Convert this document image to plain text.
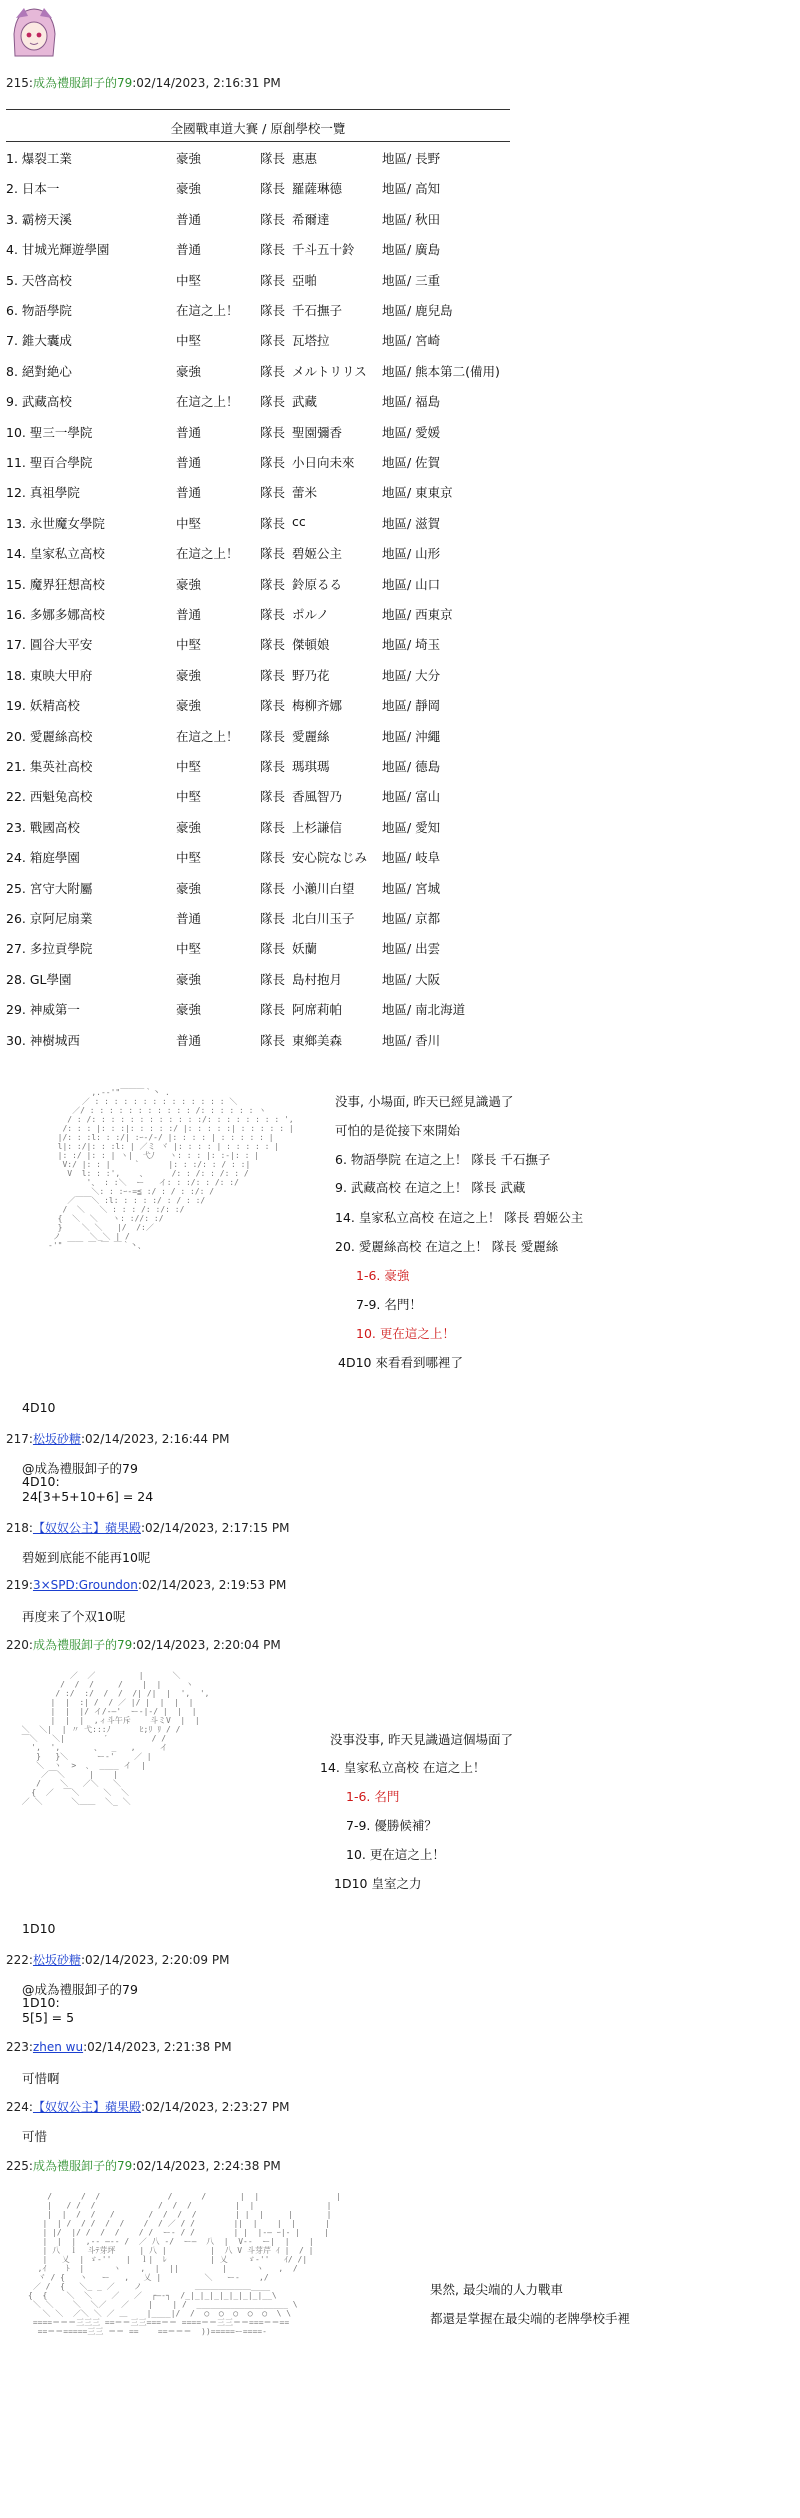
215:成為禮服卸子的79:02/14/2023, 2:16:31 PM
全國戰車道大賽 / 原創學校一覽
1. 爆裂工業	豪強	隊長 惠惠	地區/ 長野
2. 日本一	豪強	隊長 羅薩琳德	地區/ 高知
3. 霸榜天溪	普通	隊長 希爾達	地區/ 秋田
4. 甘城光輝遊學園	普通	隊長 千斗五十鈴 地區/ 廣島
5. 天啓高校	中堅	隊長 亞啪	地區/ 三重
6. 物語學院	在這之上！ 隊長 千石撫子	地區/ 鹿兒島
7. 錐大囊成	中堅	隊長 瓦塔拉	地區/ 宮崎
8. 絕對絶心	豪強	隊長 メルトリリス 地區/ 熊本第二(備用)
9. 武藏高校	在這之上！ 隊長 武藏	地區/ 福島
10. 聖三一學院	普通	隊長 聖園彌香	地區/ 愛媛
11. 聖百合學院	普通	隊長 小日向未來 地區/ 佐賀
12. 真祖學院	普通	隊長 蕾米	地區/ 東東京
13. 永世魔女學院	中堅	隊長 cc	地區/ 滋賀
14. 皇家私立高校	在這之上！ 隊長 碧姬公主	地區/ 山形
15. 魔界狂想高校	豪強	隊長 鈴原るる	地區/ 山口
16. 多娜多娜高校	普通	隊長 ポルノ	地區/ 西東京
17. 圓谷大平安	中堅	隊長 傑頓娘	地區/ 埼玉
18. 東映大甲府	豪強	隊長 野乃花	地區/ 大分
19. 妖精高校	豪強	隊長 梅柳齐娜	地區/ 靜岡
20. 愛麗絲高校	在這之上！ 隊長 愛麗絲	地區/ 沖繩
21. 集英社高校	中堅	隊長 瑪琪瑪	地區/ 德島
22. 西魁兔高校	中堅	隊長 香風智乃	地區/ 富山
23. 戰國高校	豪強	隊長 上杉謙信	地區/ 愛知
24. 箱庭學園	中堅	隊長 安心院なじみ 地區/ 岐阜
25. 宮守大附屬	豪強	隊長 小瀨川白望 地區/ 宮城
26. 京阿尼扇業	普通	隊長 北白川玉子 地區/ 京都
27. 多拉貢學院	中堅	隊長 妖蘭	地區/ 出雲
28. GL學園	豪強	隊長 島村抱月	地區/ 大阪
29. 神威第一	豪強	隊長 阿席莉帕	地區/ 南北海道
30. 神樹城西	普通	隊長 東鄉美森	地區/ 香川

,.-‐'"￣￣￣｀丶 .
／ : : : : : : : : : : : : : : ＼
／/ : : : : : : : : : : : /: : : : : : ヽ
/ : /: : : : : : : : : : : :/: : : : : : : : ',
/: : : |: : :|: : : : :/ |: : : : :| : : : : : |
|/: : :l: : :/| :ｰ-/-/ |: : : : | : : : : : |
l|: :/|: : :l: | ／ミ ヾ |: : : : | : : : : : |
|: :/ |: : | ヽ|  弋ﾉ   ヽ: : : |: :-|: : |
V:/ |: : |     `      |: : :/: : / : :|
V  l: : :',    、     /: : /: : /: : /
'、 : :＼  ー   イ: : :/: : /: :/
＼: : :ｰ-=≦ :/ : / : :/: /
／￣￣＼ :l: : : : :/ : / : :/
/  ＼   ＼ : : : /: :/: :/
{  ＼  ＼   ヽ: ://: :/
}    ＼ ＼   |/  /:／
ノ      ＼_＼ | /
‐'" ￣￣ ￣ ￣ ￣｀丶、

没事, 小場面, 昨天已經見識過了
可怕的是從接下來開始
6. 物語學院 在這之上！ 隊長 千石撫子
9. 武藏高校 在這之上！ 隊長 武藏
14. 皇家私立高校 在這之上！ 隊長 碧姬公主
20. 愛麗絲高校 在這之上！ 隊長 愛麗絲
1-6. 豪強
7-9. 名門！
10. 更在這之上！
4D10 來看看到哪裡了
4D10
217:松坂砂糖:02/14/2023, 2:16:44 PM
@成為禮服卸子的79
4D10:
24[3+5+10+6] = 24
218:【奴奴公主】蘋果殿:02/14/2023, 2:17:15 PM
碧姬到底能不能再10呢
219:3×SPD:Groundon:02/14/2023, 2:19:53 PM
再度来了个双10呢
220:成為禮服卸子的79:02/14/2023, 2:20:04 PM

／  ／         |      ＼
/  /  /     /    |  |     ヽ
/ :/  :/  /  /  /| /|  |  ',  ',
|  |  :| /  / ／ |/ |  |  |  |
|  |  |/ イ/-―'  ー-|-/ |  |  |
|  |  |  ,ィ斗午斥    斗ミV  |  |
＼  ＼|  | 〃 弋:::ﾉ      ﾋ;ﾘ ﾘ / /
￣＼   ＼|        ′         / /
',  ',       、  _   ,     イ
}   }＼      ー‐'    ／ |
＼  ヽ  >  ､  ____ イ  |
／￣＼     |    |
/    ＼   ／＼   ＼
{  ／  ￣＼     ＼  ＼
／ ＼      ＼＿＿  ＼_ ＼

没事没事, 昨天見識過這個場面了
14. 皇家私立高校 在這之上！
1-6. 名門
7-9. 優勝候補？
10. 更在這之上！
1D10 皇室之力
1D10
222:松坂砂糖:02/14/2023, 2:20:09 PM
@成為禮服卸子的79
1D10:
5[5] = 5
223:zhen wu:02/14/2023, 2:21:38 PM
可惜啊
224:【奴奴公主】蘋果殿:02/14/2023, 2:23:27 PM
可惜
225:成為禮服卸子的79:02/14/2023, 2:24:38 PM

/      /  /              /      /       |  |                |
|   / /  /             /  /  /         |  |               |
|  |  /  /   /       /  /  /  /        | |  |     |       |
|  | /  / /  /  /    /  / ／ / /        ||  |    |  |      |
| |/  |/ /  /  /    / /  ー- / /        | |  |-― ｰ|- |     |
|  |  |  ,-‐ ―‐- /  ／ 八 ‐/  ー―  八  |  V-‐  ー|  |    |
| 八  ｌ  斗ﾃ芽坪     | 八 |         |  八 V 斗芽芹 ｲ |  / |
|   乂  | ゞ‐''   |  ｌ|  ﾚ         | 乂    ゞ‐''   ｲ/ /|
,ｲ    ﾄ  |      ヽ    ,  |  ||         |      ヽ   ,  /
ヾ / {   ヽ   ー   ,   乂 |         ＼   ー‐    ,/
／ /  {   ＼_ _ ／    ノ           ＿＿＿＿＿＿＿____
{  {    ＼  ＼    ／   ／  ┌―‐┐  /_|_|_|_|_|_|_|_|__\
＼ ＼    ＼  ＼／   ／    |    | /  ___________________ \
＼ ＼  ／＼ ＼ ／ ＿    |____|/  /  ◯  ◯  ◯  ◯  ◯  \ \
====＝＝＝三三三 ==＝＝三三===＝＝ ====＝＝三三＝＝===＝＝==
==＝＝=====三三 ＝＝ ==    ==＝＝＝  ))=====ー====‐

果然, 最尖端的人力戰車
都還是掌握在最尖端的老牌學校手裡
